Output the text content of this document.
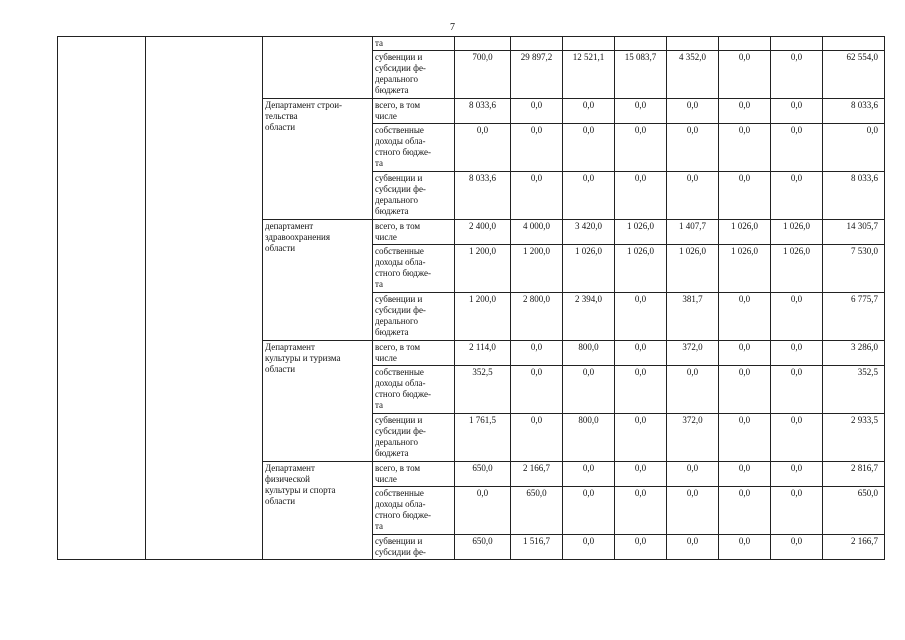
7
			та								
			субвенции и
субсидии фе-
дерального
бюджета	700,0	29 897,2	12 521,1	15 083,7	4 352,0	0,0	0,0	62 554,0
		Департамент строи-
тельства
области	всего, в том
числе	8 033,6	0,0	0,0	0,0	0,0	0,0	0,0	8 033,6
			собственные
доходы обла-
стного бюдже-
та	0,0	0,0	0,0	0,0	0,0	0,0	0,0	0,0
			субвенции и
субсидии фе-
дерального
бюджета	8 033,6	0,0	0,0	0,0	0,0	0,0	0,0	8 033,6
		департамент
здравоохранения
области	всего, в том
числе	2 400,0	4 000,0	3 420,0	1 026,0	1 407,7	1 026,0	1 026,0	14 305,7
			собственные
доходы обла-
стного бюдже-
та	1 200,0	1 200,0	1 026,0	1 026,0	1 026,0	1 026,0	1 026,0	7 530,0
			субвенции и
субсидии фе-
дерального
бюджета	1 200,0	2 800,0	2 394,0	0,0	381,7	0,0	0,0	6 775,7
		Департамент
культуры и туризма
области	всего, в том
числе	2 114,0	0,0	800,0	0,0	372,0	0,0	0,0	3 286,0
			собственные
доходы обла-
стного бюдже-
та	352,5	0,0	0,0	0,0	0,0	0,0	0,0	352,5
			субвенции и
субсидии фе-
дерального
бюджета	1 761,5	0,0	800,0	0,0	372,0	0,0	0,0	2 933,5
		Департамент
физической
культуры и спорта
области	всего, в том
числе	650,0	2 166,7	0,0	0,0	0,0	0,0	0,0	2 816,7
			собственные
доходы обла-
стного бюдже-
та	0,0	650,0	0,0	0,0	0,0	0,0	0,0	650,0
			субвенции и
субсидии фе-	650,0	1 516,7	0,0	0,0	0,0	0,0	0,0	2 166,7
